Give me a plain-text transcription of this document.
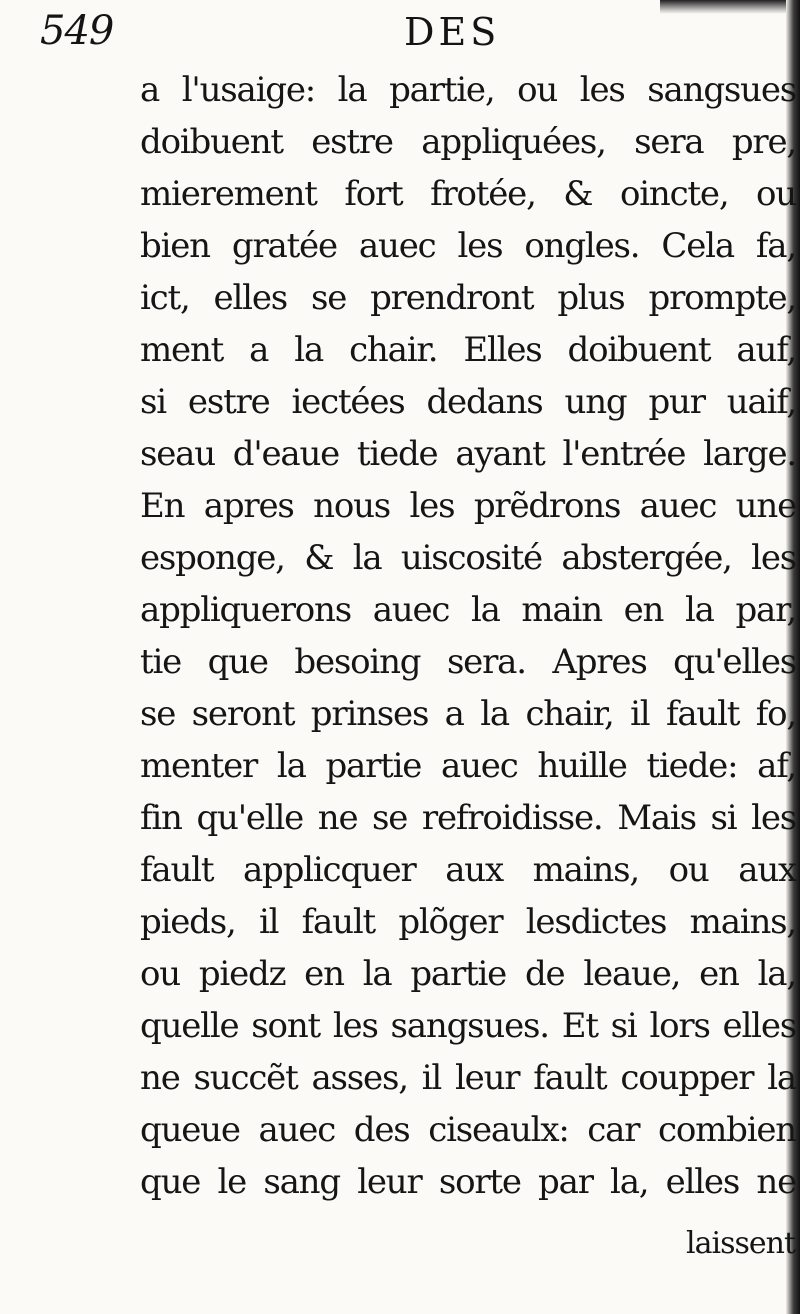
549	DES
a l'usaige: la partie, ou les sangsues
doibuent estre appliquées, sera pre,
mierement fort frotée, & oincte, ou
bien gratée auec les ongles. Cela fa,
ict, elles se prendront plus prompte,
ment a la chair. Elles doibuent auf,
si estre iectées dedans ung pur uaif,
seau d'eaue tiede ayant l'entrée large.
En apres nous les prẽdrons auec une
esponge, & la uiscosité abstergée, les
appliquerons auec la main en la par,
tie que besoing sera. Apres qu'elles
se seront prinses a la chair, il fault fo,
menter la partie auec huille tiede: af,
fin qu'elle ne se refroidisse. Mais si les
fault applicquer aux mains, ou aux
pieds, il fault plõger lesdictes mains,
ou piedz en la partie de leaue, en la,
quelle sont les sangsues. Et si lors elles
ne succẽt asses, il leur fault coupper la
queue auec des ciseaulx: car combien
que le sang leur sorte par la, elles ne
laissent
